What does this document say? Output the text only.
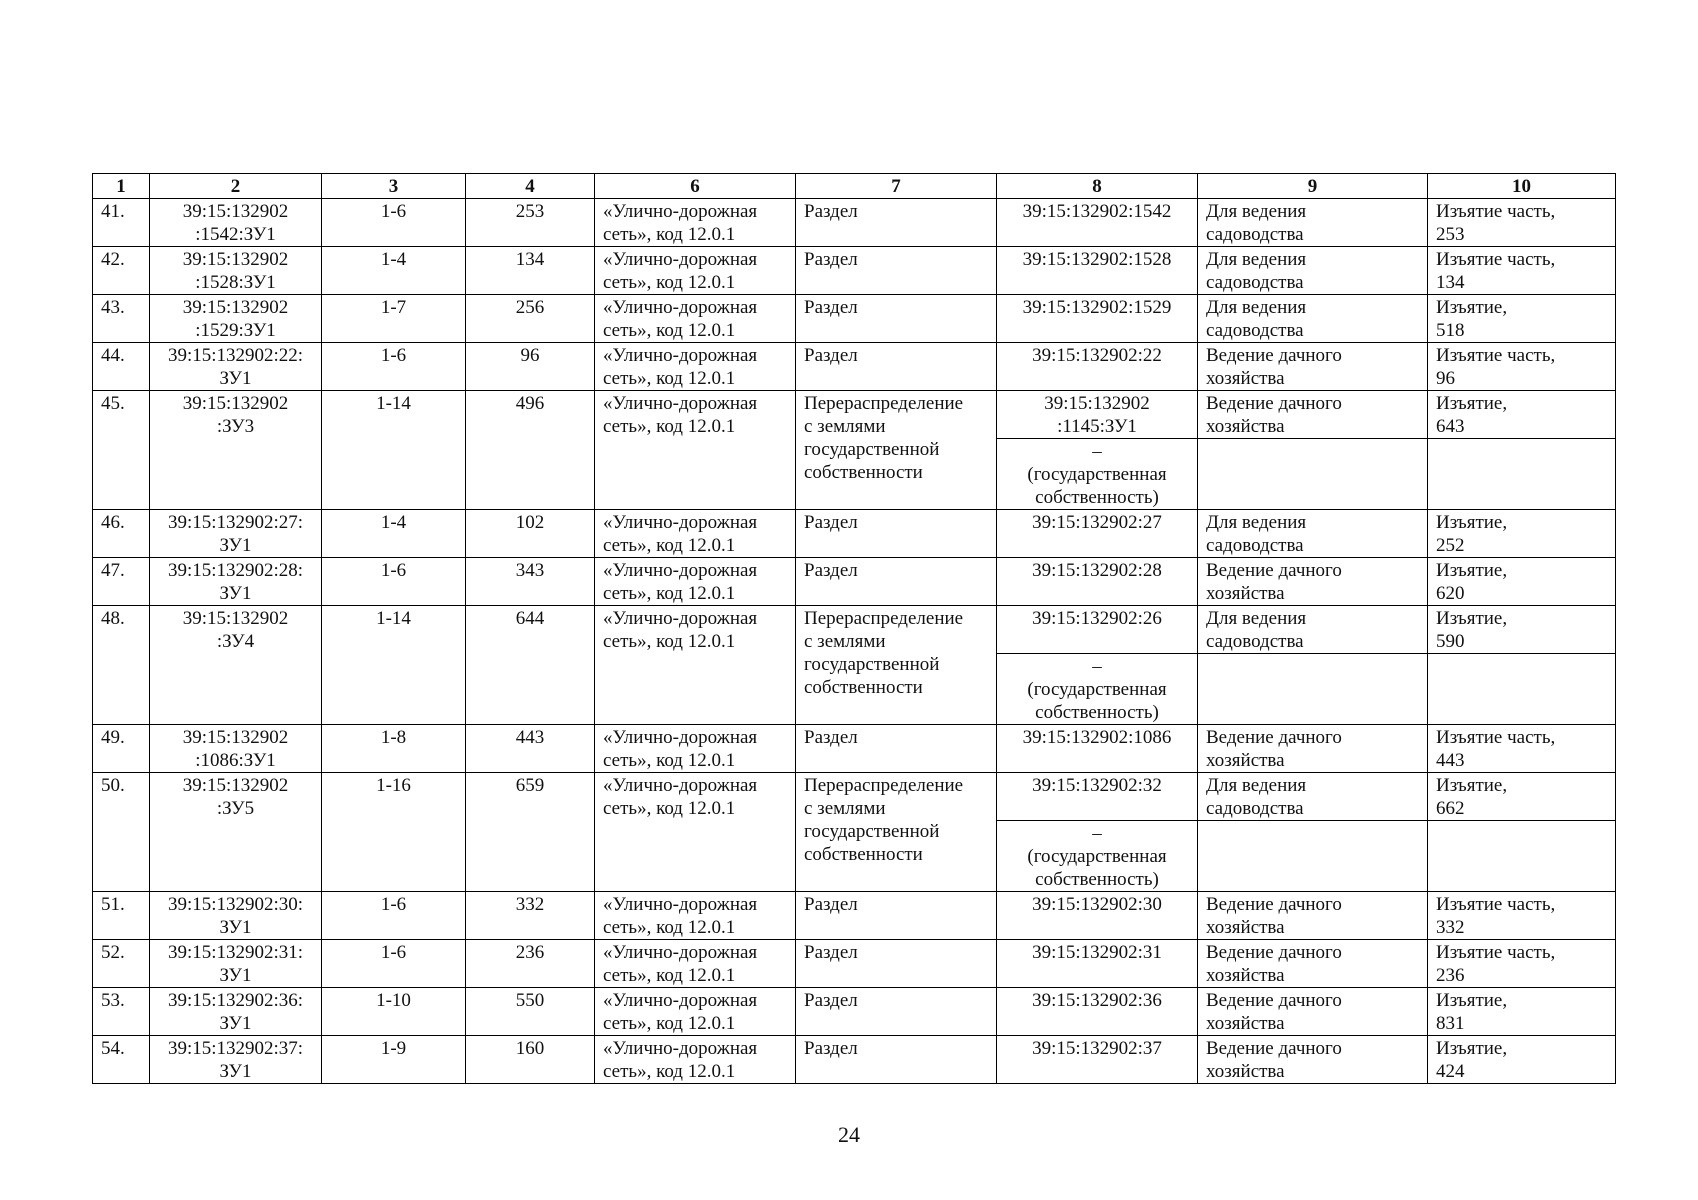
1	2	3	4	6	7	8	9	10
41.	39:15:132902
:1542:ЗУ1	1-6	253	«Улично-дорожная
сеть», код 12.0.1	Раздел	39:15:132902:1542	Для ведения
садоводства	Изъятие часть,
253

42.	39:15:132902
:1528:ЗУ1	1-4	134	«Улично-дорожная
сеть», код 12.0.1	Раздел	39:15:132902:1528	Для ведения
садоводства	Изъятие часть,
134

43.	39:15:132902
:1529:ЗУ1	1-7	256	«Улично-дорожная
сеть», код 12.0.1	Раздел	39:15:132902:1529	Для ведения
садоводства	Изъятие,
518

44.	39:15:132902:22:
ЗУ1	1-6	96	«Улично-дорожная
сеть», код 12.0.1	Раздел	39:15:132902:22	Ведение дачного
хозяйства	Изъятие часть,
96

45.	39:15:132902
:ЗУ3	1-14	496	«Улично-дорожная
сеть», код 12.0.1	Перераспределение
с землями
государственной
собственности	39:15:132902
:1145:ЗУ1	Ведение дачного
хозяйства	Изъятие,
643

						–
(государственная
собственность)		

46.	39:15:132902:27:
ЗУ1	1-4	102	«Улично-дорожная
сеть», код 12.0.1	Раздел	39:15:132902:27	Для ведения
садоводства	Изъятие,
252

47.	39:15:132902:28:
ЗУ1	1-6	343	«Улично-дорожная
сеть», код 12.0.1	Раздел	39:15:132902:28	Ведение дачного
хозяйства	Изъятие,
620

48.	39:15:132902
:ЗУ4	1-14	644	«Улично-дорожная
сеть», код 12.0.1	Перераспределение
с землями
государственной
собственности	39:15:132902:26	Для ведения
садоводства	Изъятие,
590

						–
(государственная
собственность)		

49.	39:15:132902
:1086:ЗУ1	1-8	443	«Улично-дорожная
сеть», код 12.0.1	Раздел	39:15:132902:1086	Ведение дачного
хозяйства	Изъятие часть,
443

50.	39:15:132902
:ЗУ5	1-16	659	«Улично-дорожная
сеть», код 12.0.1	Перераспределение
с землями
государственной
собственности	39:15:132902:32	Для ведения
садоводства	Изъятие,
662

						–
(государственная
собственность)		

51.	39:15:132902:30:
ЗУ1	1-6	332	«Улично-дорожная
сеть», код 12.0.1	Раздел	39:15:132902:30	Ведение дачного
хозяйства	Изъятие часть,
332

52.	39:15:132902:31:
ЗУ1	1-6	236	«Улично-дорожная
сеть», код 12.0.1	Раздел	39:15:132902:31	Ведение дачного
хозяйства	Изъятие часть,
236

53.	39:15:132902:36:
ЗУ1	1-10	550	«Улично-дорожная
сеть», код 12.0.1	Раздел	39:15:132902:36	Ведение дачного
хозяйства	Изъятие,
831

54.	39:15:132902:37:
ЗУ1	1-9	160	«Улично-дорожная
сеть», код 12.0.1	Раздел	39:15:132902:37	Ведение дачного
хозяйства	Изъятие,
424
24
